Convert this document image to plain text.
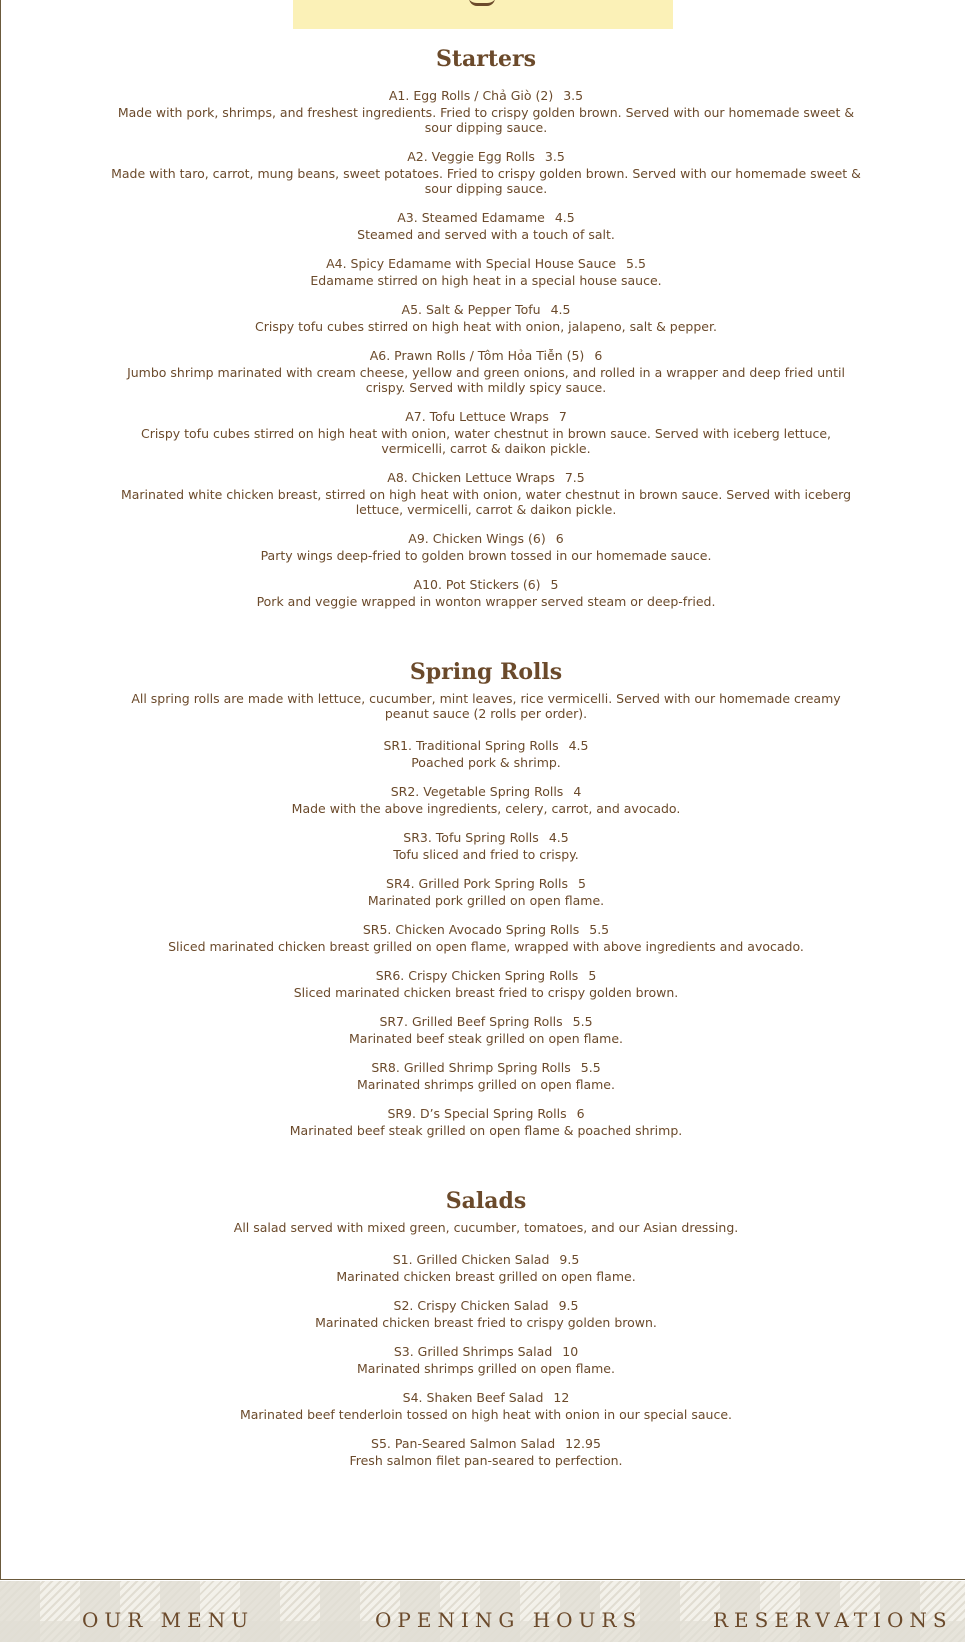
Starters
A1. Egg Rolls / Chả Giò (2) 3.5
Made with pork, shrimps, and freshest ingredients. Fried to crispy golden brown. Served with our homemade sweet & sour dipping sauce.
A2. Veggie Egg Rolls 3.5
Made with taro, carrot, mung beans, sweet potatoes. Fried to crispy golden brown. Served with our homemade sweet & sour dipping sauce.
A3. Steamed Edamame 4.5
Steamed and served with a touch of salt.
A4. Spicy Edamame with Special House Sauce 5.5
Edamame stirred on high heat in a special house sauce.
A5. Salt & Pepper Tofu 4.5
Crispy tofu cubes stirred on high heat with onion, jalapeno, salt & pepper.
A6. Prawn Rolls / Tôm Hỏa Tiễn (5) 6
Jumbo shrimp marinated with cream cheese, yellow and green onions, and rolled in a wrapper and deep fried until crispy. Served with mildly spicy sauce.
A7. Tofu Lettuce Wraps 7
Crispy tofu cubes stirred on high heat with onion, water chestnut in brown sauce. Served with iceberg lettuce, vermicelli, carrot & daikon pickle.
A8. Chicken Lettuce Wraps 7.5
Marinated white chicken breast, stirred on high heat with onion, water chestnut in brown sauce. Served with iceberg lettuce, vermicelli, carrot & daikon pickle.
A9. Chicken Wings (6) 6
Party wings deep-fried to golden brown tossed in our homemade sauce.
A10. Pot Stickers (6) 5
Pork and veggie wrapped in wonton wrapper served steam or deep-fried.
Spring Rolls

All spring rolls are made with lettuce, cucumber, mint leaves, rice vermicelli. Served with our homemade creamy peanut sauce (2 rolls per order).

SR1. Traditional Spring Rolls 4.5
Poached pork & shrimp.
SR2. Vegetable Spring Rolls 4
Made with the above ingredients, celery, carrot, and avocado.
SR3. Tofu Spring Rolls 4.5
Tofu sliced and fried to crispy.
SR4. Grilled Pork Spring Rolls 5
Marinated pork grilled on open flame.
SR5. Chicken Avocado Spring Rolls 5.5
Sliced marinated chicken breast grilled on open flame, wrapped with above ingredients and avocado.
SR6. Crispy Chicken Spring Rolls 5
Sliced marinated chicken breast fried to crispy golden brown.
SR7. Grilled Beef Spring Rolls 5.5
Marinated beef steak grilled on open flame.
SR8. Grilled Shrimp Spring Rolls 5.5
Marinated shrimps grilled on open flame.
SR9. D’s Special Spring Rolls 6
Marinated beef steak grilled on open flame & poached shrimp.
Salads

All salad served with mixed green, cucumber, tomatoes, and our Asian dressing.

S1. Grilled Chicken Salad 9.5
Marinated chicken breast grilled on open flame.
S2. Crispy Chicken Salad 9.5
Marinated chicken breast fried to crispy golden brown.
S3. Grilled Shrimps Salad 10
Marinated shrimps grilled on open flame.
S4. Shaken Beef Salad 12
Marinated beef tenderloin tossed on high heat with onion in our special sauce.
S5. Pan-Seared Salmon Salad 12.95
Fresh salmon filet pan-seared to perfection.
OUR MENU	OPENING HOURS	RESERVATIONS
